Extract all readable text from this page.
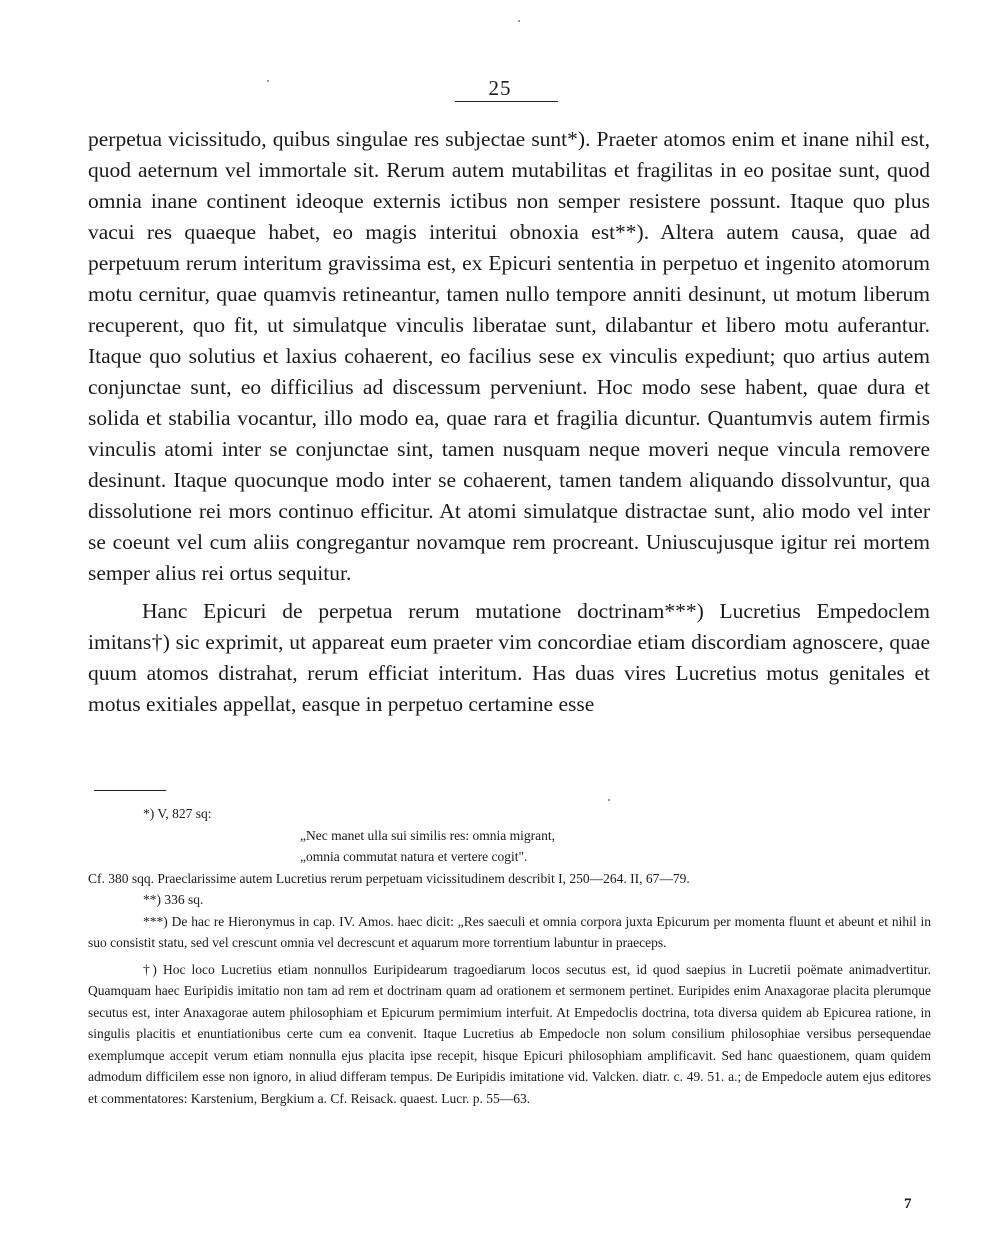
25

perpetua vicissitudo, quibus singulae res subjectae sunt*). Praeter atomos enim et inane nihil est, quod aeternum vel immortale sit. Rerum autem mutabilitas et fragilitas in eo positae sunt, quod omnia inane continent ideoque externis ictibus non semper resistere possunt. Itaque quo plus vacui res quaeque habet, eo magis interitui obnoxia est**). Altera autem causa, quae ad perpetuum rerum interitum gravissima est, ex Epicuri sententia in perpetuo et ingenito atomorum motu cernitur, quae quamvis retineantur, tamen nullo tempore anniti desinunt, ut motum liberum recuperent, quo fit, ut simulatque vinculis liberatae sunt, dilabantur et libero motu auferantur. Itaque quo solutius et laxius cohaerent, eo facilius sese ex vinculis expediunt; quo artius autem conjunctae sunt, eo difficilius ad discessum perveniunt. Hoc modo sese habent, quae dura et solida et stabilia vocantur, illo modo ea, quae rara et fragilia dicuntur. Quantumvis autem firmis vinculis atomi inter se conjunctae sint, tamen nusquam neque moveri neque vincula removere desinunt. Itaque quocunque modo inter se cohaerent, tamen tandem aliquando dissolvuntur, qua dissolutione rei mors continuo efficitur. At atomi simulatque distractae sunt, alio modo vel inter se coeunt vel cum aliis congregantur novamque rem procreant. Uniuscujusque igitur rei mortem semper alius rei ortus sequitur.

Hanc Epicuri de perpetua rerum mutatione doctrinam***) Lucretius Empedoclem imitans†) sic exprimit, ut appareat eum praeter vim concordiae etiam discordiam agnoscere, quae quum atomos distrahat, rerum efficiat interitum. Has duas vires Lucretius motus genitales et motus exitiales appellat, easque in perpetuo certamine esse

*) V, 827 sq:

„Nec manet ulla sui similis res: omnia migrant,

„omnia commutat natura et vertere cogit".

Cf. 380 sqq. Praeclarissime autem Lucretius rerum perpetuam vicissitudinem describit I, 250—264. II, 67—79.

**) 336 sq.

***) De hac re Hieronymus in cap. IV. Amos. haec dicit: „Res saeculi et omnia corpora juxta Epicurum per momenta fluunt et abeunt et nihil in suo consistit statu, sed vel crescunt omnia vel decrescunt et aquarum more torrentium labuntur in praeceps.

†) Hoc loco Lucretius etiam nonnullos Euripidearum tragoediarum locos secutus est, id quod saepius in Lucretii poëmate animadvertitur. Quamquam haec Euripidis imitatio non tam ad rem et doctrinam quam ad orationem et sermonem pertinet. Euripides enim Anaxagorae placita plerumque secutus est, inter Anaxagorae autem philosophiam et Epicurum permimium interfuit. At Empedoclis doctrina, tota diversa quidem ab Epicurea ratione, in singulis placitis et enuntiationibus certe cum ea convenit. Itaque Lucretius ab Empedocle non solum consilium philosophiae versibus persequendae exemplumque accepit verum etiam nonnulla ejus placita ipse recepit, hisque Epicuri philosophiam amplificavit. Sed hanc quaestionem, quam quidem admodum difficilem esse non ignoro, in aliud differam tempus. De Euripidis imitatione vid. Valcken. diatr. c. 49. 51. a.; de Empedocle autem ejus editores et commentatores: Karstenium, Bergkium a. Cf. Reisack. quaest. Lucr. p. 55—63.

7
